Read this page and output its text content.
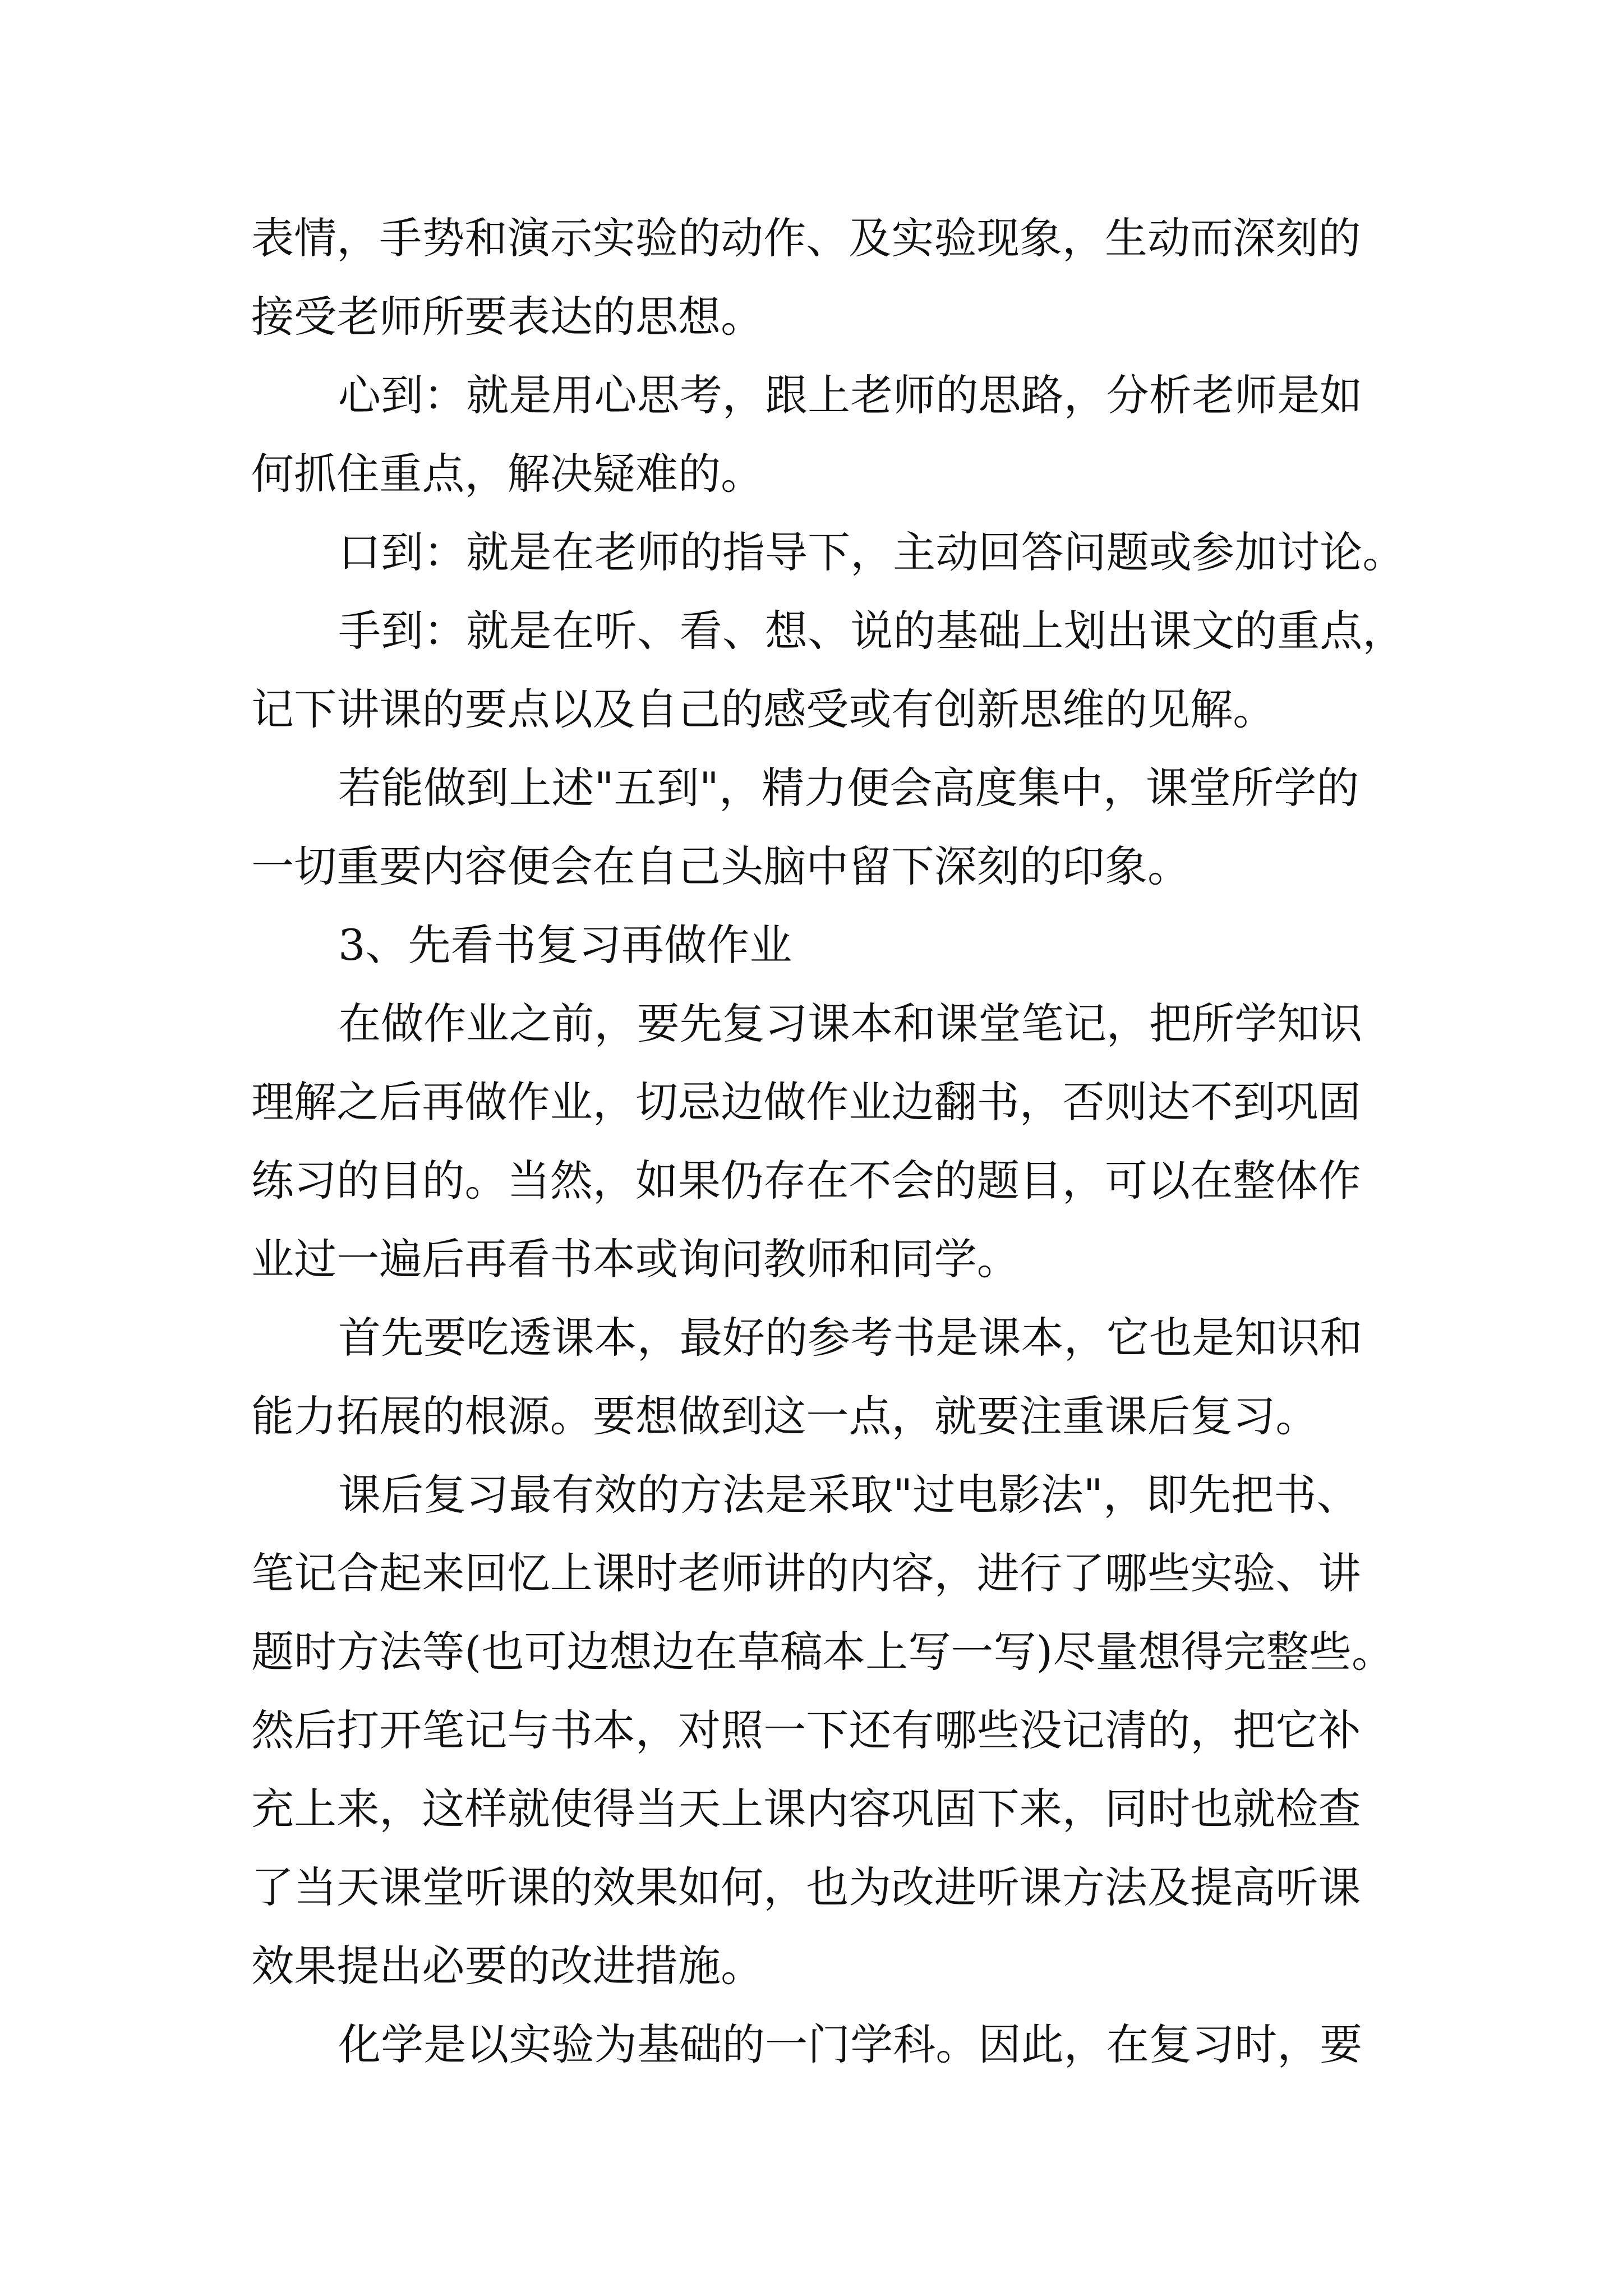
表情，手势和演示实验的动作、及实验现象，生动而深刻的
接受老师所要表达的思想。
心到：就是用心思考，跟上老师的思路，分析老师是如
何抓住重点，解决疑难的。
口到：就是在老师的指导下，主动回答问题或参加讨论。
手到：就是在听、看、想、说的基础上划出课文的重点，
记下讲课的要点以及自己的感受或有创新思维的见解。
若能做到上述"五到"，精力便会高度集中，课堂所学的
一切重要内容便会在自己头脑中留下深刻的印象。
3、先看书复习再做作业
在做作业之前，要先复习课本和课堂笔记，把所学知识
理解之后再做作业，切忌边做作业边翻书，否则达不到巩固
练习的目的。当然，如果仍存在不会的题目，可以在整体作
业过一遍后再看书本或询问教师和同学。
首先要吃透课本，最好的参考书是课本，它也是知识和
能力拓展的根源。要想做到这一点，就要注重课后复习。
课后复习最有效的方法是采取"过电影法"，即先把书、
笔记合起来回忆上课时老师讲的内容，进行了哪些实验、讲
题时方法等(也可边想边在草稿本上写一写)尽量想得完整些。
然后打开笔记与书本，对照一下还有哪些没记清的，把它补
充上来，这样就使得当天上课内容巩固下来，同时也就检查
了当天课堂听课的效果如何，也为改进听课方法及提高听课
效果提出必要的改进措施。
化学是以实验为基础的一门学科。因此，在复习时，要
